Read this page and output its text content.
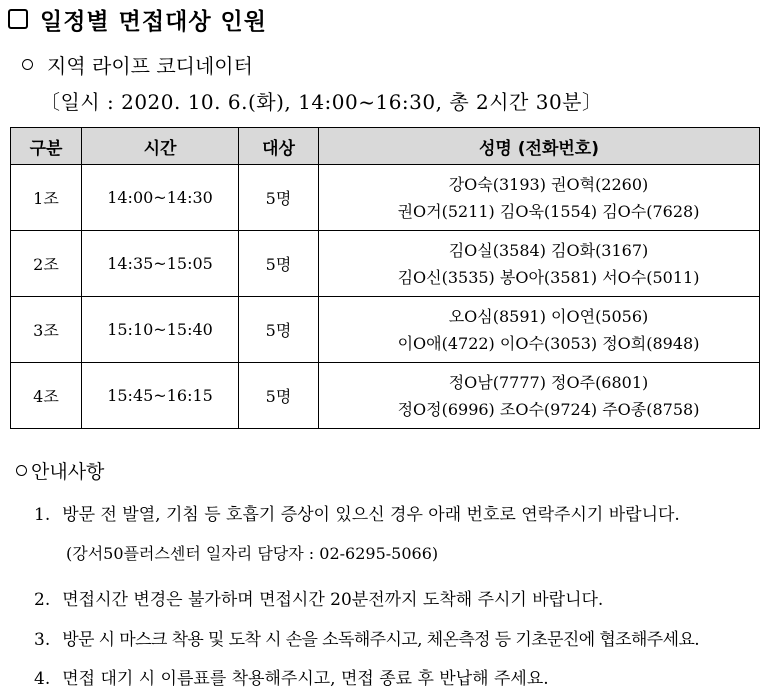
일정별 면접대상 인원
지역 라이프 코디네이터
〔일시 : 2020. 10. 6.(화), 14:00~16:30, 총 2시간 30분〕
구분	시간	대상	성명 (전화번호)
1조	14:00~14:30	5명	강O숙(3193) 권O혁(2260)
권O거(5211) 김O욱(1554) 김O수(7628)

2조	14:35~15:05	5명	김O실(3584) 김O화(3167)
김O신(3535) 봉O아(3581) 서O수(5011)

3조	15:10~15:40	5명	오O심(8591) 이O연(5056)
이O애(4722) 이O수(3053) 정O희(8948)

4조	15:45~16:15	5명	정O남(7777) 정O주(6801)
정O정(6996) 조O수(9724) 주O종(8758)
안내사항
1. 방문 전 발열, 기침 등 호흡기 증상이 있으신 경우 아래 번호로 연락주시기 바랍니다.
(강서50플러스센터 일자리 담당자 : 02-6295-5066)
2. 면접시간 변경은 불가하며 면접시간 20분전까지 도착해 주시기 바랍니다.
3. 방문 시 마스크 착용 및 도착 시 손을 소독해주시고, 체온측정 등 기초문진에 협조해주세요.
4. 면접 대기 시 이름표를 착용해주시고, 면접 종료 후 반납해 주세요.
